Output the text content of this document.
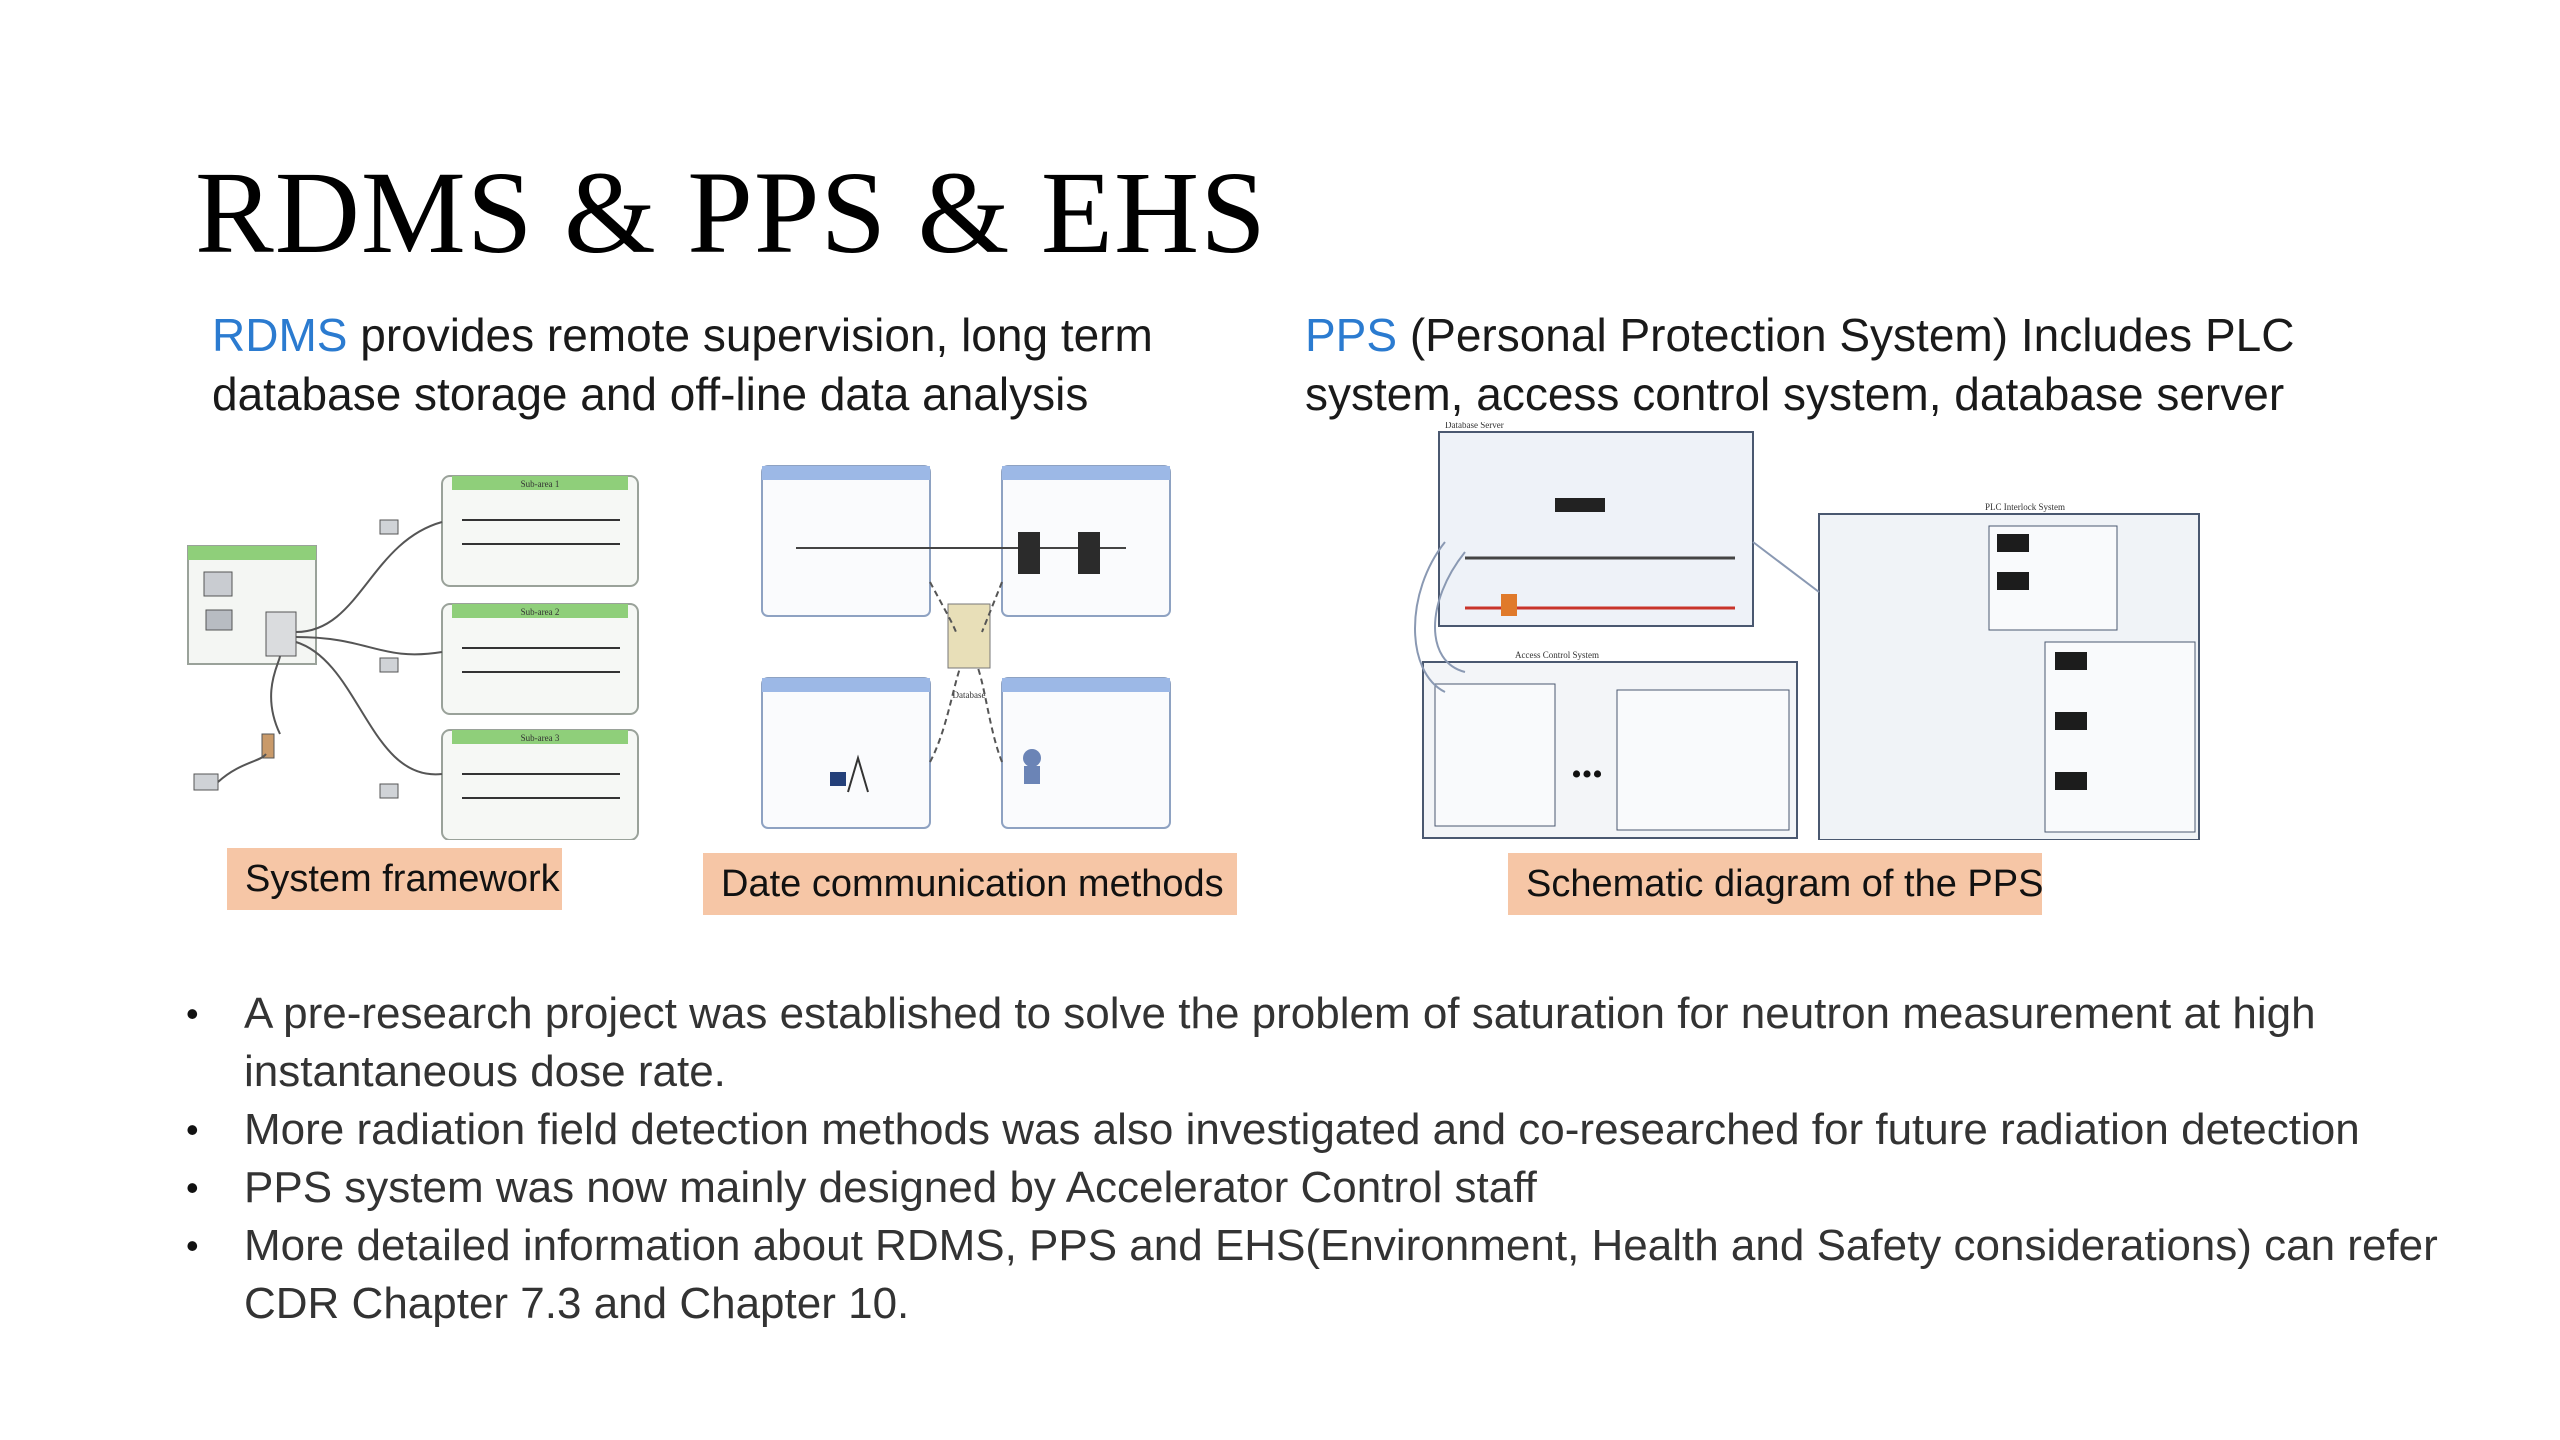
RDMS & PPS & EHS
RDMS provides remote supervision, long term database storage and off-line data analysis
PPS (Personal Protection System) Includes PLC system, access control system, database server
Sub-area 1
Sub-area 2
Sub-area 3
Database
Database Server
Access Control System
•••
PLC Interlock System
System framework	Date communication methods	Schematic diagram of the PPS
• A pre-research project was established to solve the problem of saturation for neutron measurement at high instantaneous dose rate.
• More radiation field detection methods was also investigated and co-researched for future radiation detection
• PPS system was now mainly designed by Accelerator Control staff
• More detailed information about RDMS, PPS and EHS(Environment, Health and Safety considerations) can refer CDR Chapter 7.3 and Chapter 10.
